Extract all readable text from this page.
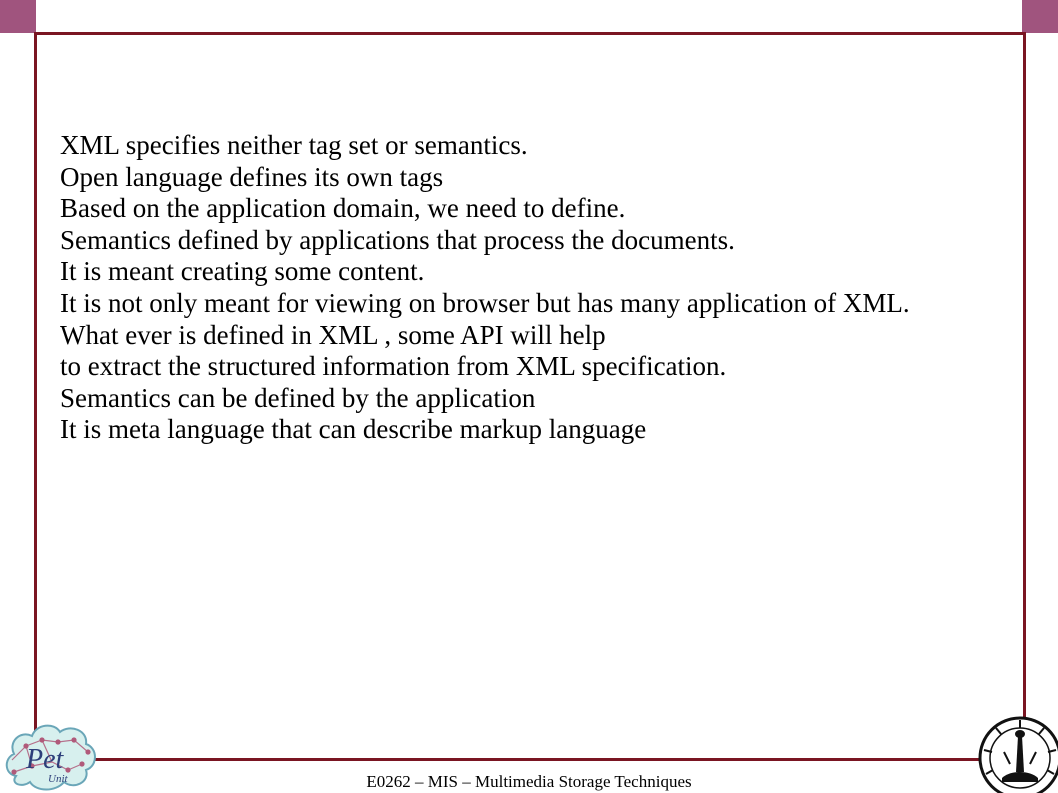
XML specifies neither tag set or semantics.
Open language defines its own tags
Based on the application domain, we need to define.
Semantics defined by applications that process the documents.
It is meant creating some content.
It is not only meant for viewing on browser but has many application of XML.
What ever is defined in XML , some API will help
to extract the structured information from XML specification.
Semantics can be defined by the application
It is meta language that can describe markup language
Pet
Unit	E0262 – MIS – Multimedia Storage Techniques
